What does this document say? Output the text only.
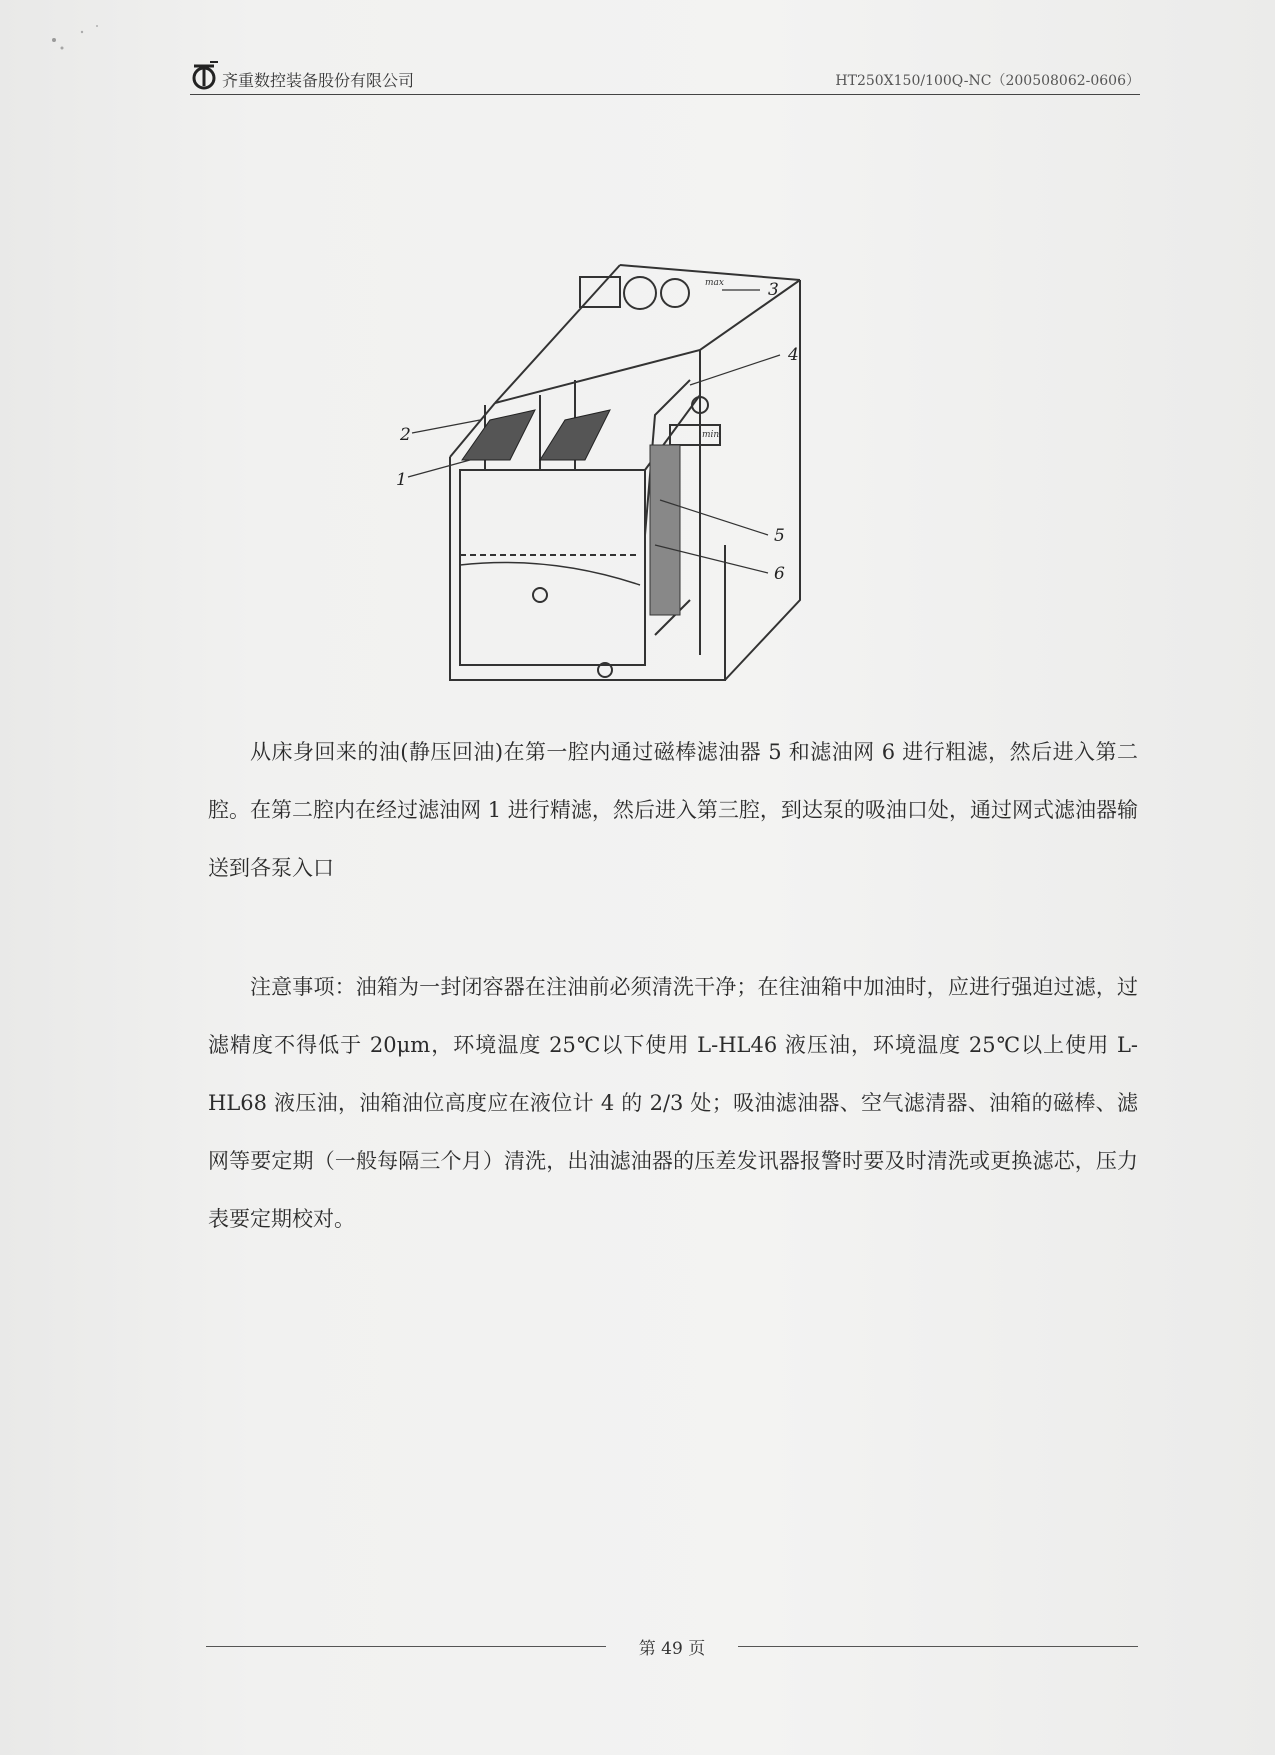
齐重数控装备股份有限公司	HT250X150/100Q-NC（200508062-0606）
3
4
2
1
5
6
max
min

从床身回来的油(静压回油)在第一腔内通过磁棒滤油器 5 和滤油网 6 进行粗滤，然后进入第二腔。在第二腔内在经过滤油网 1 进行精滤，然后进入第三腔，到达泵的吸油口处，通过网式滤油器输送到各泵入口

注意事项：油箱为一封闭容器在注油前必须清洗干净；在往油箱中加油时，应进行强迫过滤，过滤精度不得低于 20μm，环境温度 25℃以下使用 L-HL46 液压油，环境温度 25℃以上使用 L-HL68 液压油，油箱油位高度应在液位计 4 的 2/3 处；吸油滤油器、空气滤清器、油箱的磁棒、滤网等要定期（一般每隔三个月）清洗，出油滤油器的压差发讯器报警时要及时清洗或更换滤芯，压力表要定期校对。

第 49 页
